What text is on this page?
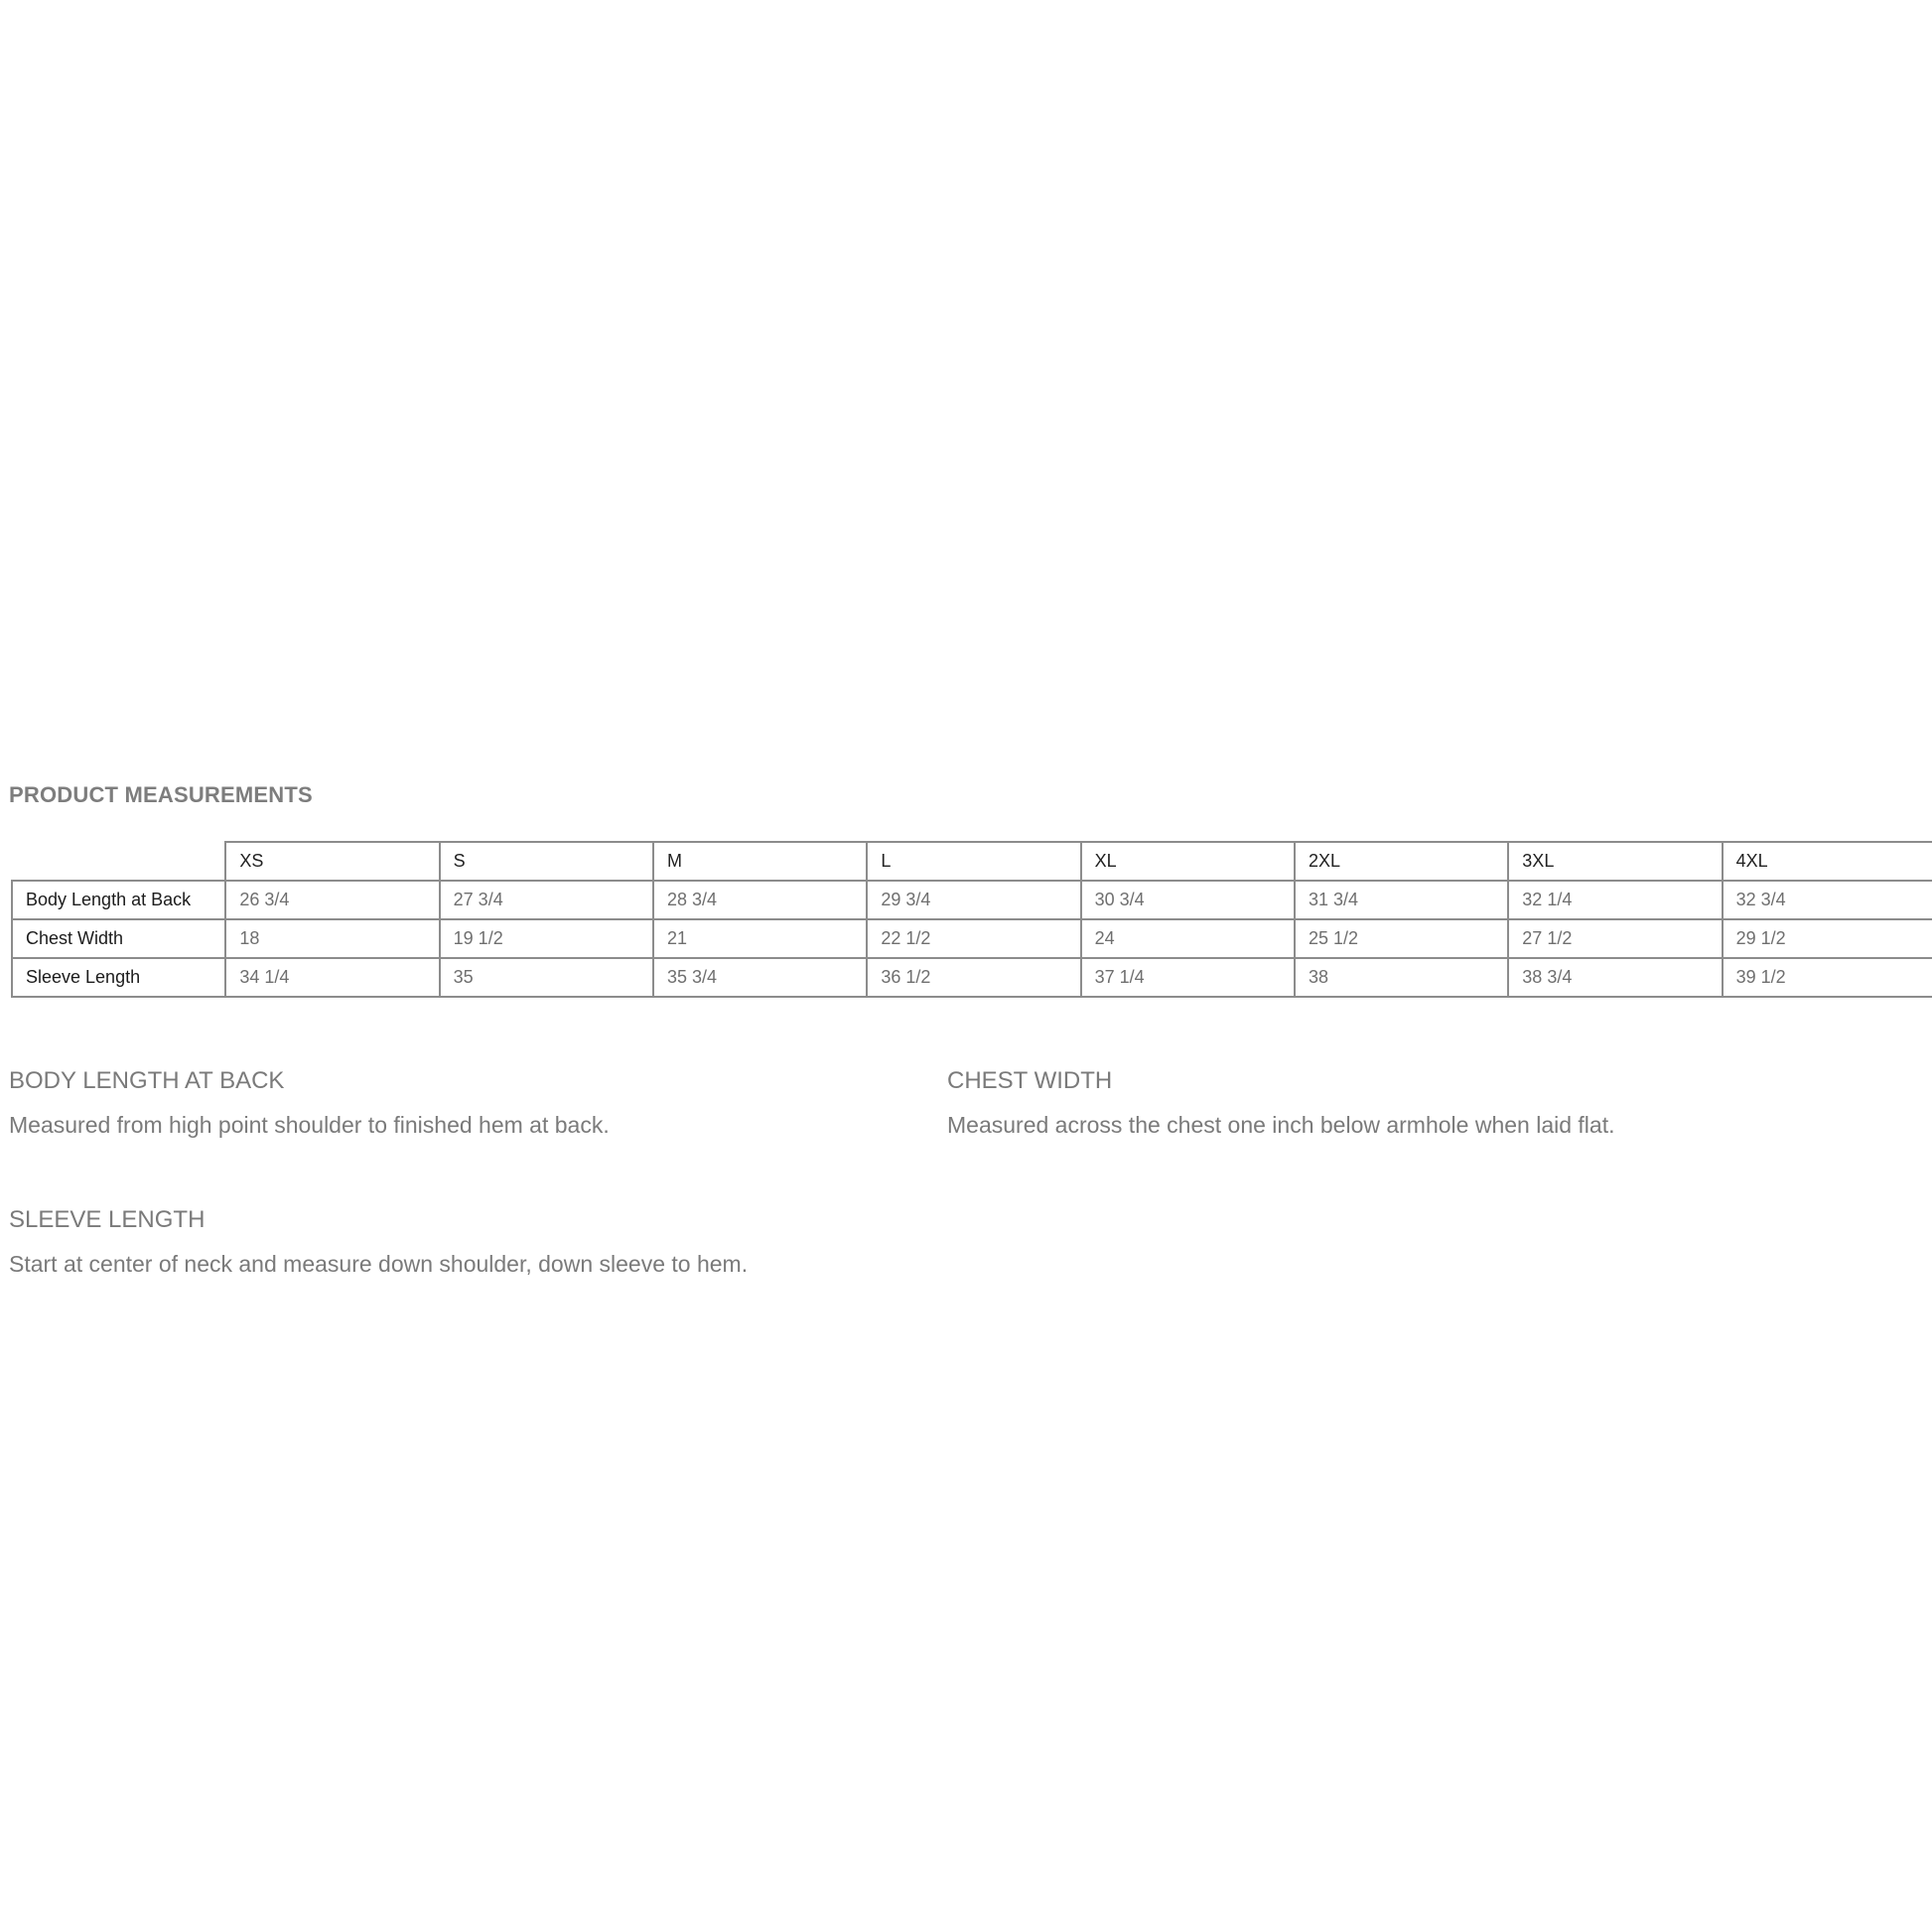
PRODUCT MEASUREMENTS
	XS	S	M	L	XL	2XL	3XL	4XL
Body Length at Back	26 3/4	27 3/4	28 3/4	29 3/4	30 3/4	31 3/4	32 1/4	32 3/4
Chest Width	18	19 1/2	21	22 1/2	24	25 1/2	27 1/2	29 1/2
Sleeve Length	34 1/4	35	35 3/4	36 1/2	37 1/4	38	38 3/4	39 1/2

BODY LENGTH AT BACK

Measured from high point shoulder to finished hem at back.

CHEST WIDTH

Measured across the chest one inch below armhole when laid flat.

SLEEVE LENGTH

Start at center of neck and measure down shoulder, down sleeve to hem.
